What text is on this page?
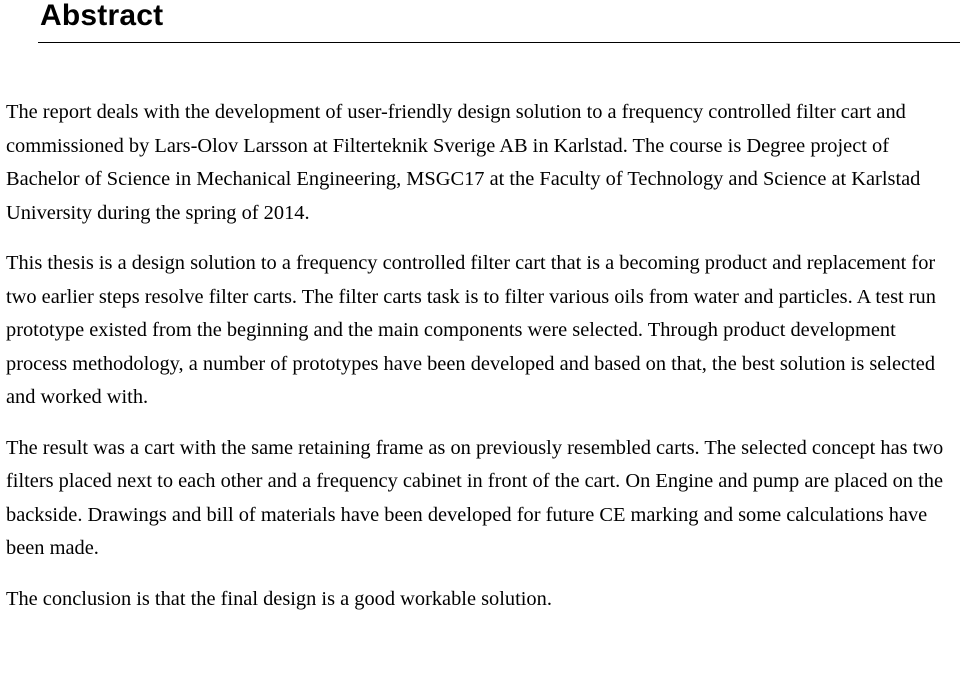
Abstract

The report deals with the development of user-friendly design solution to a frequency controlled filter cart and commissioned by Lars-Olov Larsson at Filterteknik Sverige AB in Karlstad. The course is Degree project of Bachelor of Science in Mechanical Engineering, MSGC17 at the Faculty of Technology and Science at Karlstad University during the spring of 2014.

This thesis is a design solution to a frequency controlled filter cart that is a becoming product and replacement for two earlier steps resolve filter carts. The filter carts task is to filter various oils from water and particles. A test run prototype existed from the beginning and the main components were selected. Through product development process methodology, a number of prototypes have been developed and based on that, the best solution is selected and worked with.

The result was a cart with the same retaining frame as on previously resembled carts. The selected concept has two filters placed next to each other and a frequency cabinet in front of the cart. On Engine and pump are placed on the backside. Drawings and bill of materials have been developed for future CE marking and some calculations have been made.

The conclusion is that the final design is a good workable solution.
